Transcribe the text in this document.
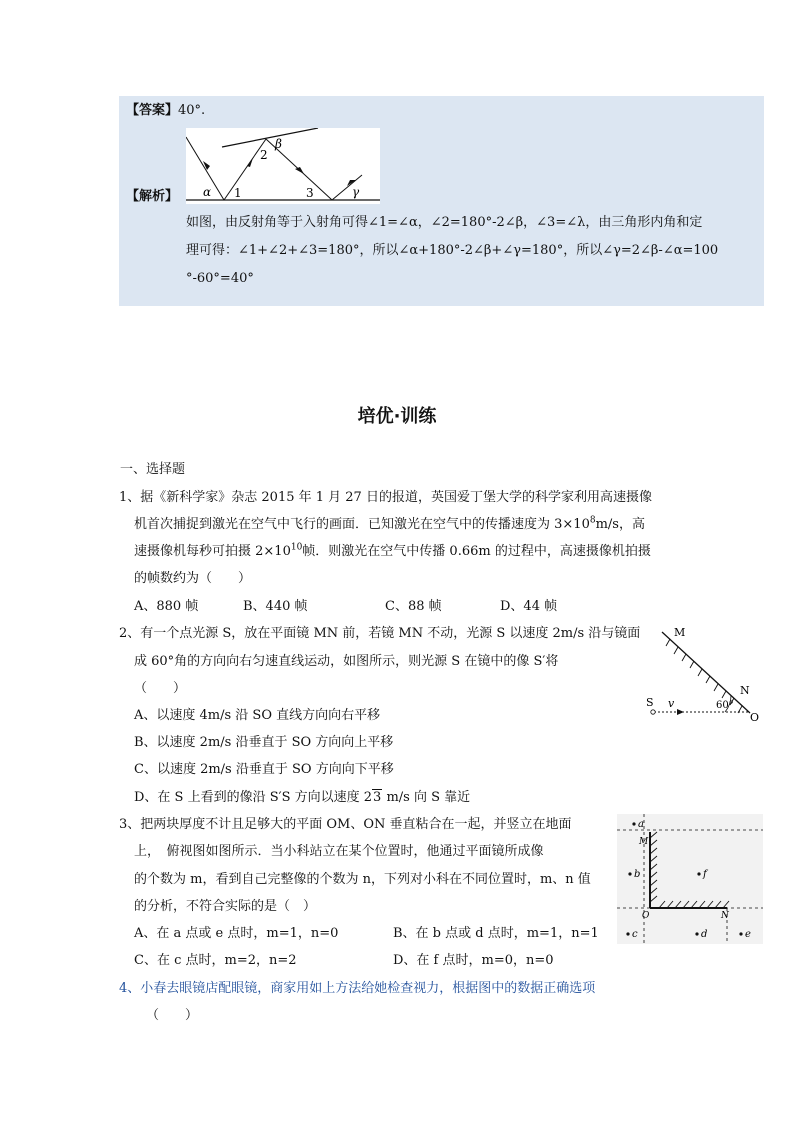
【答案】40°.
【解析】 α 1
2
β
3	γ
如图，由反射角等于入射角可得∠1=∠α，∠2=180°-2∠β，∠3=∠λ，由三角形内角和定
理可得：∠1+∠2+∠3=180°，所以∠α+180°-2∠β+∠γ=180°，所以∠γ=2∠β-∠α=100
°-60°=40°
培优·训练
一、选择题
1、据《新科学家》杂志 2015 年 1 月 27 日的报道，英国爱丁堡大学的科学家利用高速摄像
机首次捕捉到激光在空气中飞行的画面．已知激光在空气中的传播速度为 $3\times 10^8m/s$，高
速摄像机每秒可拍摄 $2\times 10^{10}$帧．则激光在空气中传播 0.66m 的过程中，高速摄像机拍摄
的帧数约为（　　）
A、880 帧	B、440 帧	C、88 帧	D、44 帧
2、有一个点光源 S，放在平面镜 MN 前，若镜 MN 不动，光源 S 以速度 2m/s 沿与镜面
成 60°角的方向向右匀速直线运动，如图所示，则光源 S 在镜中的像 S′将
（　　）
A、以速度 4m/s 沿 SO 直线方向向右平移
B、以速度 2m/s 沿垂直于 SO 方向向上平移
C、以速度 2m/s 沿垂直于 SO 方向向下平移
D、在 S 上看到的像沿 S′S 方向以速度 23 m/s 向 S 靠近
S v
M
N
60°
O
3、把两块厚度不计且足够大的平面 OM、ON 垂直粘合在一起，并竖立在地面
上，　俯视图如图所示．当小科站立在某个位置时，他通过平面镜所成像
的个数为 m，看到自己完整像的个数为 n，下列对小科在不同位置时，m、n 值
的分析，不符合实际的是（　）
A、在 a 点或 e 点时，m=1，n=0	B、在 b 点或 d 点时，m=1，n=1
C、在 c 点时，m=2，n=2	D、在 f 点时，m=0，n=0
a
b
c	d	e
f
M
O	N
4、小春去眼镜店配眼镜，商家用如上方法给她检查视力，根据图中的数据正确选项
（　　）
